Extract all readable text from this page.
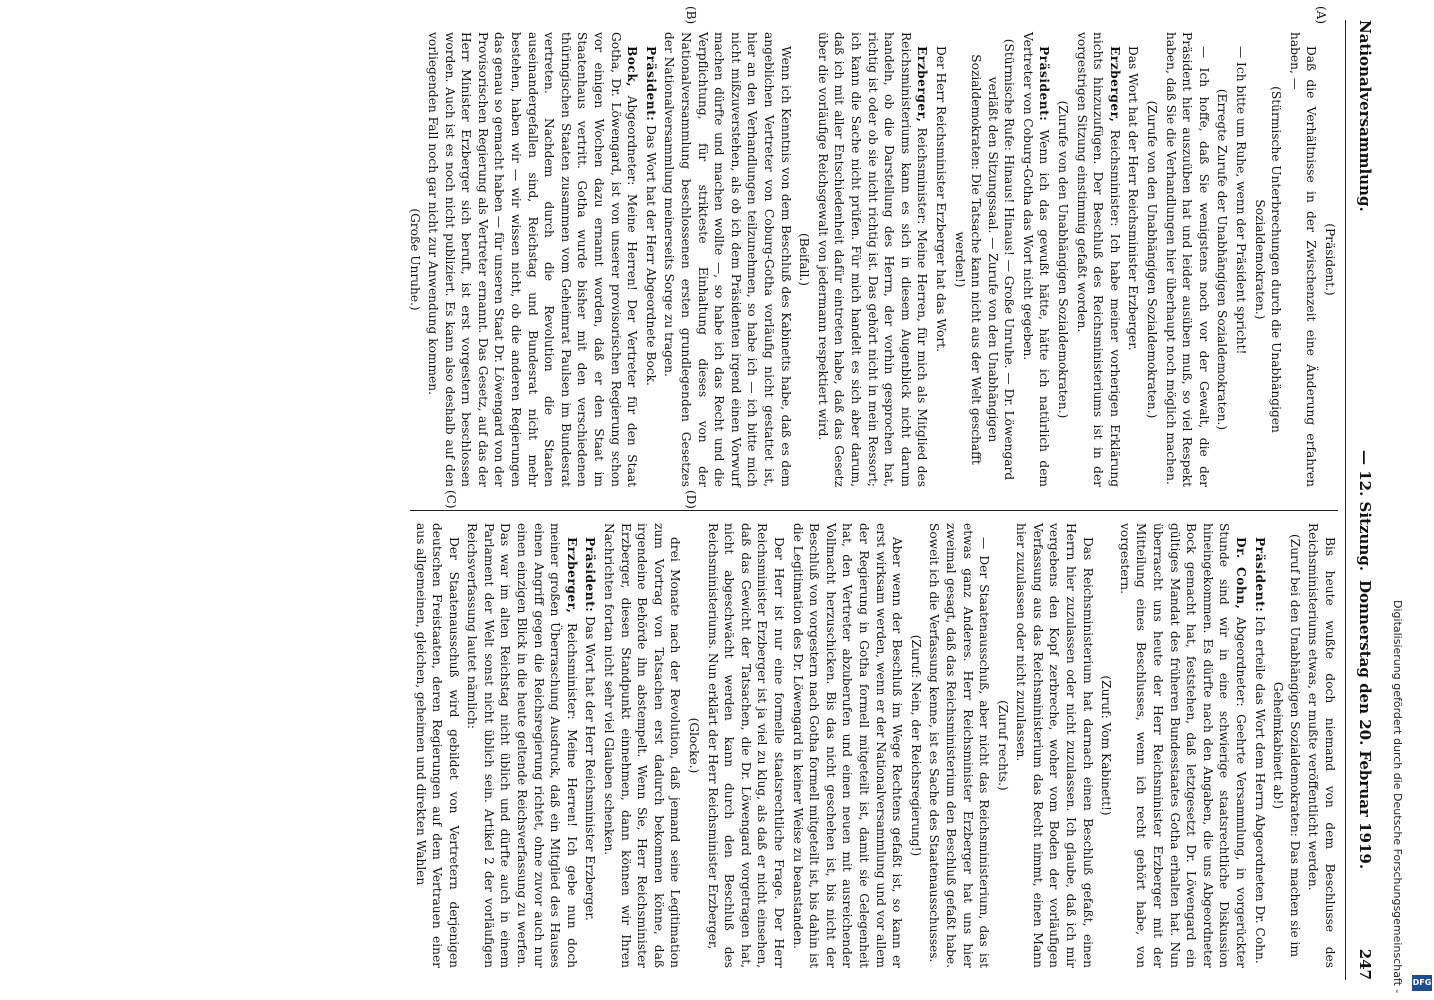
Nationalversammlung.
— 12. Sitzung.
Donnerstag den 20. Februar 1919.
247
(A)
(B)
(C)	(D)

(Präsident.)

Daß die Verhältnisse in der Zwischenzeit eine Änderung erfahren haben, —

(Stürmische Unterbrechungen durch die Unabhängigen Sozialdemokraten.)

— Ich bitte um Ruhe, wenn der Präsident spricht!

(Erregte Zurufe der Unabhängigen Sozialdemokraten.)

— Ich hoffe, daß Sie wenigstens noch vor der Gewalt, die der Präsident hier auszuüben hat und leider ausüben muß, so viel Respekt haben, daß Sie die Verhandlungen hier überhaupt noch möglich machen.

(Zurufe von den Unabhängigen Sozialdemokraten.)

Das Wort hat der Herr Reichsminister Erzberger.

Erzberger, Reichsminister: Ich habe meiner vorherigen Erklärung nichts hinzuzufügen. Der Beschluß des Reichsministeriums ist in der vorgestrigen Sitzung einstimmig gefaßt worden.

(Zurufe von den Unabhängigen Sozialdemokraten.)

Präsident: Wenn ich das gewußt hätte, hätte ich natürlich dem Vertreter von Coburg-Gotha das Wort nicht gegeben.

(Stürmische Rufe: Hinaus! Hinaus! — Große Unruhe. — Dr. Löwengard verläßt den Sitzungssaal. — Zurufe von den Unabhängigen Sozialdemokraten: Die Tatsache kann nicht aus der Welt geschafft werden!)

Der Herr Reichsminister Erzberger hat das Wort.

Erzberger, Reichsminister: Meine Herren, für mich als Mitglied des Reichsministeriums kann es sich in diesem Augenblick nicht darum handeln, ob die Darstellung des Herrn, der vorhin gesprochen hat, richtig ist oder ob sie nicht richtig ist. Das gehört nicht in mein Ressort; ich kann die Sache nicht prüfen. Für mich handelt es sich aber darum, daß ich mit aller Entschiedenheit dafür eintreten habe, daß das Gesetz über die vorläufige Reichsgewalt von jedermann respektiert wird.

(Beifall.)

Wenn ich Kenntnis von dem Beschluß des Kabinetts habe, daß es dem angeblichen Vertreter von Coburg-Gotha vorläufig nicht gestattet ist, hier an den Verhandlungen teilzunehmen, so habe ich — ich bitte mich nicht mißzuverstehen, als ob ich dem Präsidenten irgend einen Vorwurf machen dürfte und machen wollte —, so habe ich das Recht und die Verpflichtung, für strikteste Einhaltung dieses von der Nationalversammlung beschlossenen ersten grundlegenden Gesetzes der Nationalversammlung meinerseits Sorge zu tragen.

Präsident: Das Wort hat der Herr Abgeordnete Bock.

Bock, Abgeordneter: Meine Herren! Der Vertreter für den Staat Gotha, Dr. Löwengard, ist von unserer provisorischen Regierung schon vor einigen Wochen dazu ernannt worden, daß er den Staat im Staatenhaus vertritt. Gotha wurde bisher mit den verschiedenen thüringischen Staaten zusammen vom Geheimrat Paulsen im Bundesrat vertreten. Nachdem durch die Revolution die Staaten auseinandergefallen sind, Reichstag und Bundesrat nicht mehr bestehen, haben wir — wir wissen nicht, ob die anderen Regierungen das genau so gemacht haben — für unseren Staat Dr. Löwengard von der Provisorischen Regierung als Vertreter ernannt. Das Gesetz, auf das der Herr Minister Erzberger sich beruft, ist erst vorgestern beschlossen worden. Auch ist es noch nicht publiziert. Es kann also deshalb auf den vorliegenden Fall noch gar nicht zur Anwendung kommen.

(Große Unruhe.)

Bis heute wußte doch niemand von dem Beschlusse des Reichsministeriums etwas, er mußte veröffentlicht werden.

(Zuruf bei den Unabhängigen Sozialdemokraten: Das machen sie im Geheimkabinett ab!)

Präsident: Ich erteile das Wort dem Herrn Abgeordneten Dr. Cohn.

Dr. Cohn, Abgeordneter: Geehrte Versammlung, in vorgerückter Stunde sind wir in eine schwierige staatsrechtliche Diskussion hineingekommen. Es dürfte nach den Angaben, die uns Abgeordneter Bock gemacht hat, feststehen, daß letztgesetzt Dr. Löwengard ein gültiges Mandat des früheren Bundesstaates Gotha erhalten hat. Nun überrascht uns heute der Herr Reichsminister Erzberger mit der Mitteilung eines Beschlusses, wenn ich recht gehört habe, von vorgestern.

(Zuruf: Vom Kabinett!)

Das Reichsministerium hat darnach einen Beschluß gefaßt, einen Herrn hier zuzulassen oder nicht zuzulassen. Ich glaube, daß ich mir vergebens den Kopf zerbreche, woher vom Boden der vorläufigen Verfassung aus das Reichsministerium das Recht nimmt, einen Mann hier zuzulassen oder nicht zuzulassen.

(Zuruf rechts.)

— Der Staatenausschuß, aber nicht das Reichsministerium, das ist etwas ganz Anderes. Herr Reichsminister Erzberger hat uns hier zweimal gesagt, daß das Reichsministerium den Beschluß gefaßt habe. Soweit ich die Verfassung kenne, ist es Sache des Staatenausschusses.

(Zuruf: Nein, der Reichsregierung!)

Aber wenn der Beschluß im Wege Rechtens gefaßt ist, so kann er erst wirksam werden, wenn er der Nationalversammlung und vor allem der Regierung in Gotha formell mitgeteilt ist, damit sie Gelegenheit hat, den Vertreter abzuberufen und einen neuen mit ausreichender Vollmacht herzuschicken. Bis das nicht geschehen ist, bis nicht der Beschluß von vorgestern nach Gotha formell mitgeteilt ist, bis dahin ist die Legitimation des Dr. Löwengard in keiner Weise zu beanstanden.

Der Herr ist nur eine formelle staatsrechtliche Frage. Der Herr Reichsminister Erzberger ist ja viel zu klug, als daß er nicht einsehen, daß das Gewicht der Tatsachen, die Dr. Löwengard vorgetragen hat, nicht abgeschwächt werden kann durch den Beschluß des Reichsministeriums. Nun erklärt der Herr Reichsminister Erzberger,

(Glocke.)

drei Monate nach der Revolution, daß jemand seine Legitimation zum Vortrag von Tatsachen erst dadurch bekommen könne, daß irgendeine Behörde ihn abstempelt. Wenn Sie, Herr Reichsminister Erzberger, diesen Standpunkt einnehmen, dann können wir Ihren Nachrichten fortan nicht sehr viel Glauben schenken.

Präsident: Das Wort hat der Herr Reichsminister Erzberger.

Erzberger, Reichsminister: Meine Herren! Ich gebe nun doch meiner großen Überraschung Ausdruck, daß ein Mitglied des Hauses einen Angriff gegen die Reichsregierung richtet, ohne zuvor auch nur einen einzigen Blick in die heute geltende Reichsverfassung zu werfen. Das war im alten Reichstag nicht üblich und dürfte auch in einem Parlament der Welt sonst nicht üblich sein. Artikel 2 der vorläufigen Reichsverfassung lautet nämlich:

Der Staatenausschuß wird gebildet von Vertretern derjenigen deutschen Freistaaten, deren Regierungen auf dem Vertrauen einer aus allgemeinen, gleichen, geheimen und direkten Wahlen	Digitalisierung gefördert durch die Deutsche Forschungsgemeinschaft - DFG
